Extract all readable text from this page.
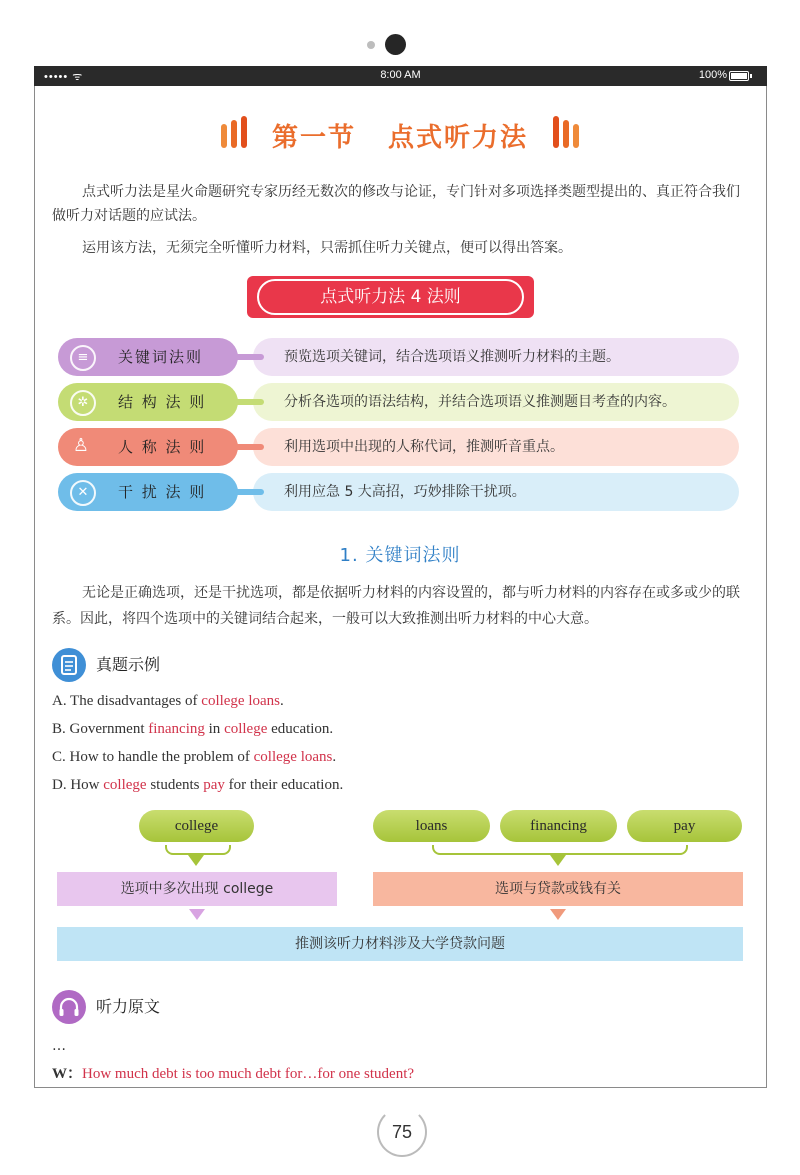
••••• ᯤ	8:00 AM	100%
第一节 点式听力法
点式听力法是星火命题研究专家历经无数次的修改与论证，专门针对多项选择类题型提出的、真正符合我们做听力对话题的应试法。
运用该方法，无须完全听懂听力材料，只需抓住听力关键点，便可以得出答案。
点式听力法 4 法则
≡	关键词法则	预览选项关键词，结合选项语义推测听力材料的主题。
✲	结 构 法 则	分析各选项的语法结构，并结合选项语义推测题目考查的内容。
♙ 人 称 法 则	利用选项中出现的人称代词，推测听音重点。
✕	干 扰 法 则	利用应急 5 大高招，巧妙排除干扰项。
1. 关键词法则
无论是正确选项，还是干扰选项，都是依据听力材料的内容设置的，都与听力材料的内容存在或多或少的联系。因此，将四个选项中的关键词结合起来，一般可以大致推测出听力材料的中心大意。
真题示例
A. The disadvantages of college loans.
B. Government financing in college education.
C. How to handle the problem of college loans.
D. How college students pay for their education.
college	loans	financing	pay
选项中多次出现 college	选项与贷款或钱有关
推测该听力材料涉及大学贷款问题
听力原文
…
W：How much debt is too much debt for…for one student?
75
